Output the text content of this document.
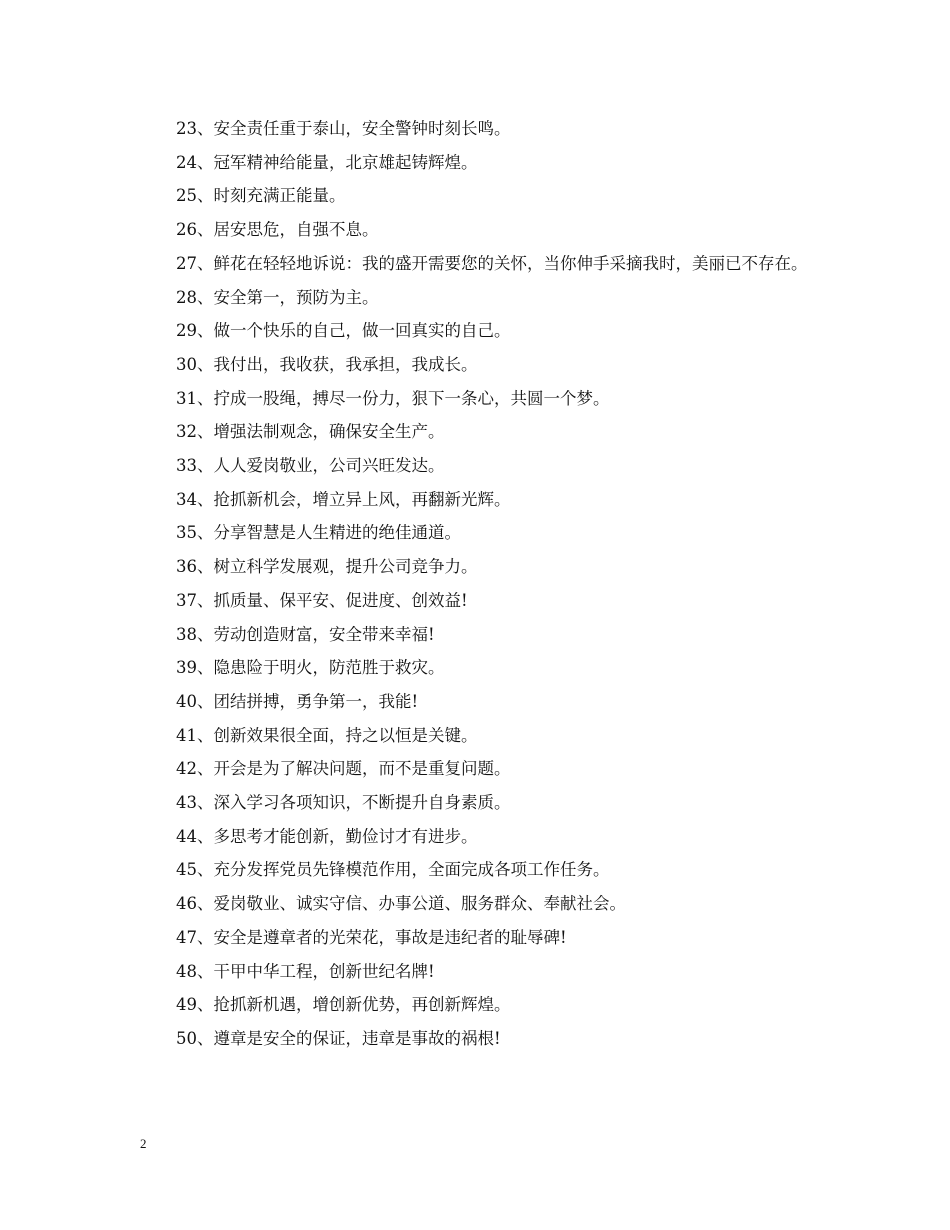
23、安全责任重于泰山，安全警钟时刻长鸣。

24、冠军精神给能量，北京雄起铸辉煌。

25、时刻充满正能量。

26、居安思危，自强不息。

27、鲜花在轻轻地诉说：我的盛开需要您的关怀，当你伸手采摘我时，美丽已不存在。

28、安全第一，预防为主。

29、做一个快乐的自己，做一回真实的自己。

30、我付出，我收获，我承担，我成长。

31、拧成一股绳，搏尽一份力，狠下一条心，共圆一个梦。

32、增强法制观念，确保安全生产。

33、人人爱岗敬业，公司兴旺发达。

34、抢抓新机会，增立异上风，再翻新光辉。

35、分享智慧是人生精进的绝佳通道。

36、树立科学发展观，提升公司竞争力。

37、抓质量、保平安、促进度、创效益!

38、劳动创造财富，安全带来幸福!

39、隐患险于明火，防范胜于救灾。

40、团结拼搏，勇争第一，我能!

41、创新效果很全面，持之以恒是关键。

42、开会是为了解决问题，而不是重复问题。

43、深入学习各项知识，不断提升自身素质。

44、多思考才能创新，勤俭讨才有进步。

45、充分发挥党员先锋模范作用，全面完成各项工作任务。

46、爱岗敬业、诚实守信、办事公道、服务群众、奉献社会。

47、安全是遵章者的光荣花，事故是违纪者的耻辱碑!

48、干甲中华工程，创新世纪名牌!

49、抢抓新机遇，增创新优势，再创新辉煌。

50、遵章是安全的保证，违章是事故的祸根!

2
